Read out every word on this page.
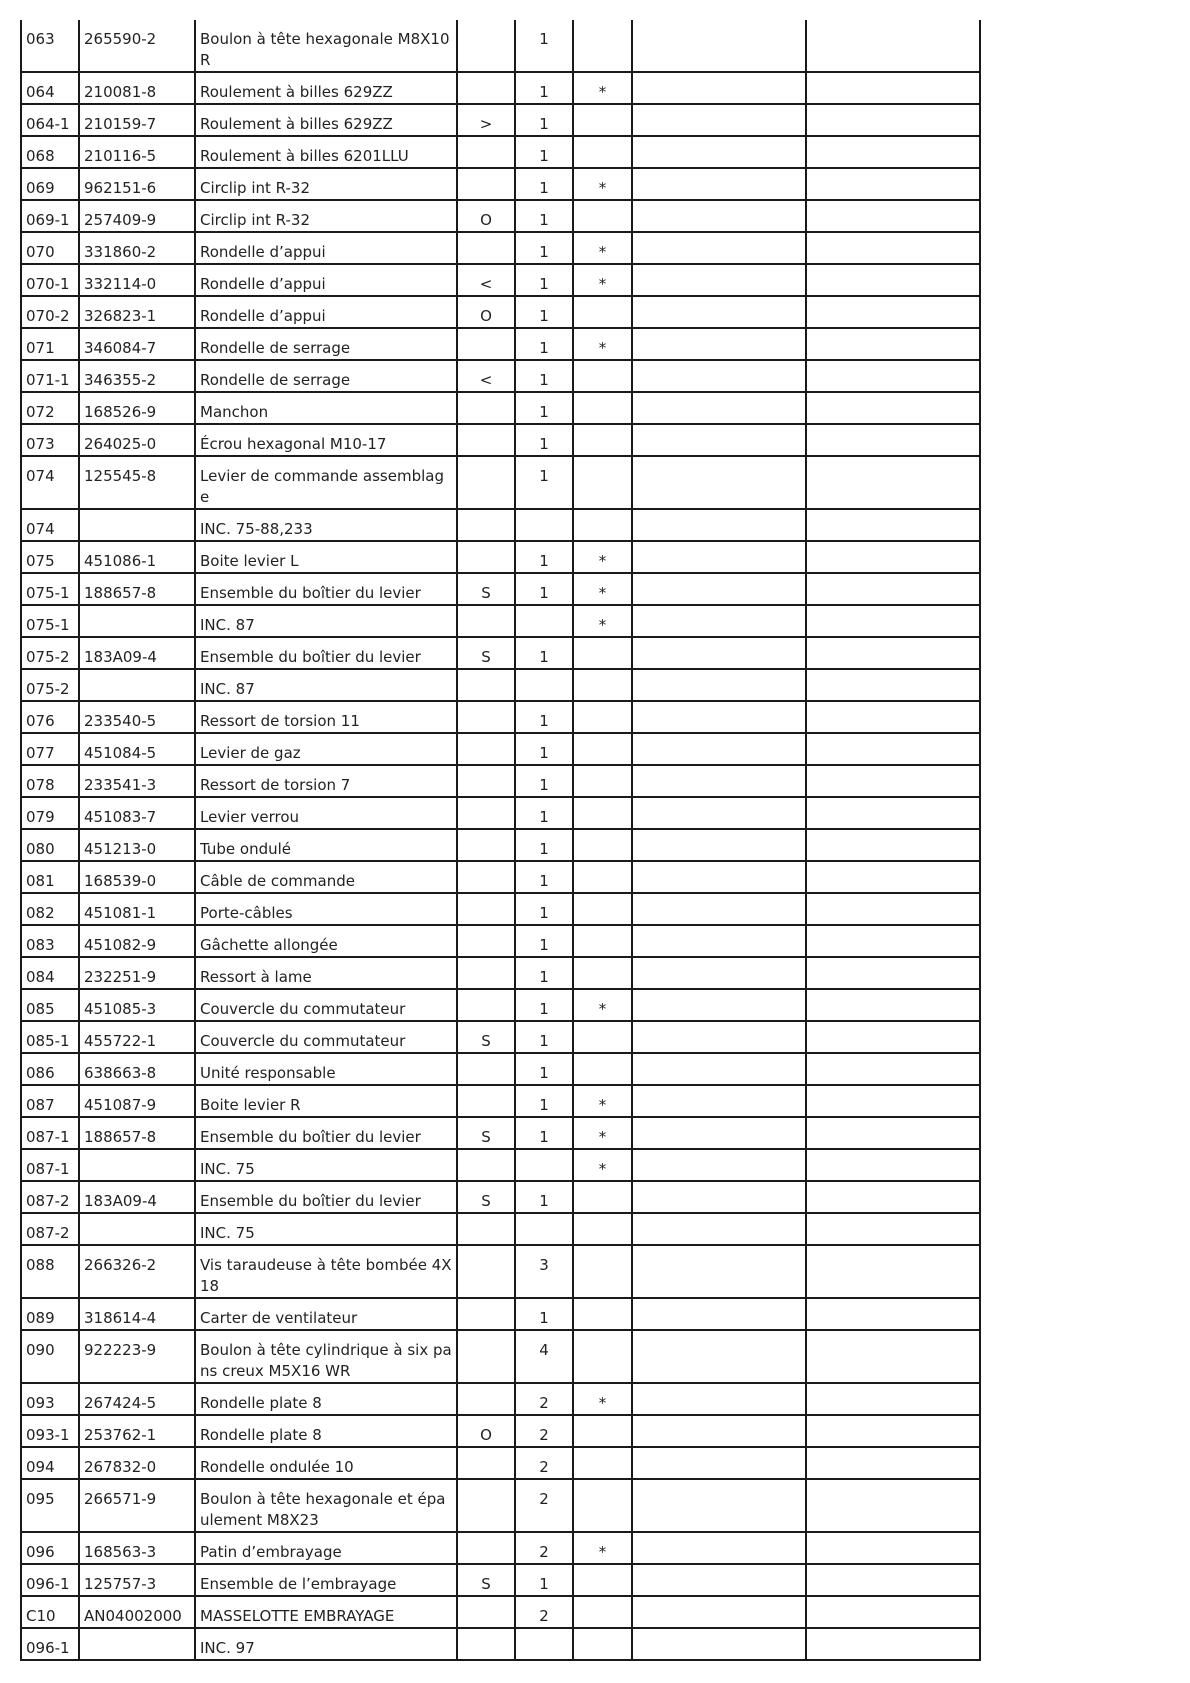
063	265590-2	Boulon à tête hexagonale M8X10 R		1			
064	210081-8	Roulement à billes 629ZZ		1	*		
064-1	210159-7	Roulement à billes 629ZZ	>	1			
068	210116-5	Roulement à billes 6201LLU		1			
069	962151-6	Circlip int R-32		1	*		
069-1	257409-9	Circlip int R-32	O	1			
070	331860-2	Rondelle d’appui		1	*		
070-1	332114-0	Rondelle d’appui	<	1	*		
070-2	326823-1	Rondelle d’appui	O	1			
071	346084-7	Rondelle de serrage		1	*		
071-1	346355-2	Rondelle de serrage	<	1			
072	168526-9	Manchon		1			
073	264025-0	Écrou hexagonal M10-17		1			
074	125545-8	Levier de commande assemblage		1			
074		INC. 75-88,233					
075	451086-1	Boite levier L		1	*		
075-1	188657-8	Ensemble du boîtier du levier	S	1	*		
075-1		INC. 87			*		
075-2	183A09-4	Ensemble du boîtier du levier	S	1			
075-2		INC. 87					
076	233540-5	Ressort de torsion 11		1			
077	451084-5	Levier de gaz		1			
078	233541-3	Ressort de torsion 7		1			
079	451083-7	Levier verrou		1			
080	451213-0	Tube ondulé		1			
081	168539-0	Câble de commande		1			
082	451081-1	Porte-câbles		1			
083	451082-9	Gâchette allongée		1			
084	232251-9	Ressort à lame		1			
085	451085-3	Couvercle du commutateur		1	*		
085-1	455722-1	Couvercle du commutateur	S	1			
086	638663-8	Unité responsable		1			
087	451087-9	Boite levier R		1	*		
087-1	188657-8	Ensemble du boîtier du levier	S	1	*		
087-1		INC. 75			*		
087-2	183A09-4	Ensemble du boîtier du levier	S	1			
087-2		INC. 75					
088	266326-2	Vis taraudeuse à tête bombée 4X18		3			
089	318614-4	Carter de ventilateur		1			
090	922223-9	Boulon à tête cylindrique à six pans creux M5X16 WR		4			
093	267424-5	Rondelle plate 8		2	*		
093-1	253762-1	Rondelle plate 8	O	2			
094	267832-0	Rondelle ondulée 10		2			
095	266571-9	Boulon à tête hexagonale et épaulement M8X23		2			
096	168563-3	Patin d’embrayage		2	*		
096-1	125757-3	Ensemble de l’embrayage	S	1			
C10	AN04002000	MASSELOTTE EMBRAYAGE		2			
096-1		INC. 97					
